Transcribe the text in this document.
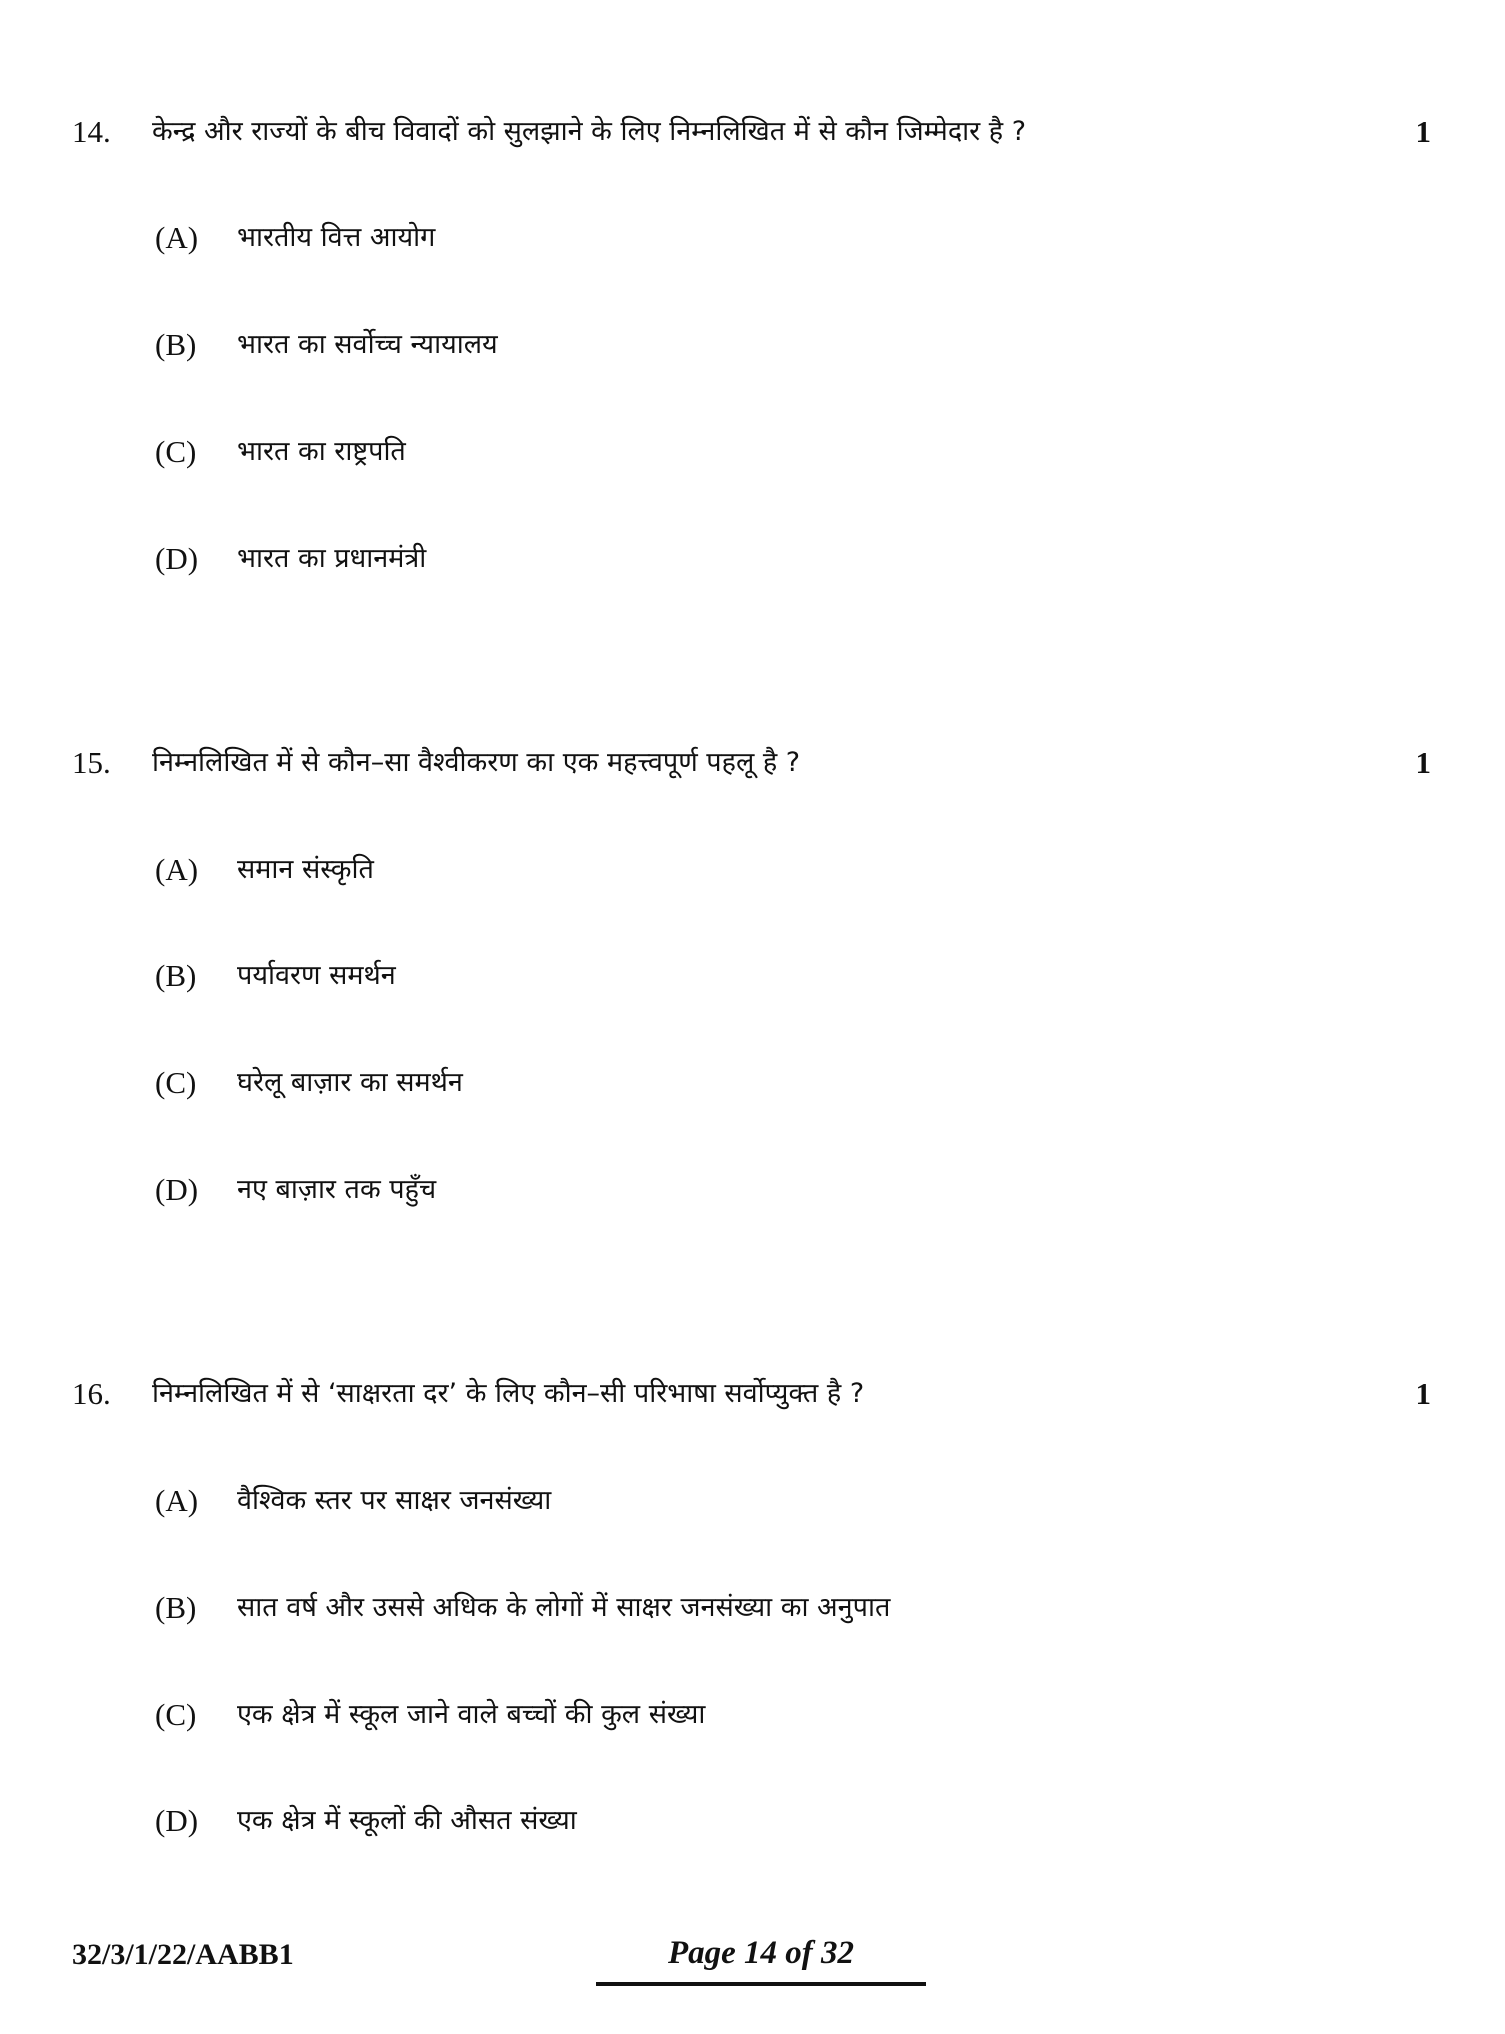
14. केन्द्र और राज्यों के बीच विवादों को सुलझाने के लिए निम्नलिखित में से कौन जिम्मेदार है ?	1
(A) भारतीय वित्त आयोग
(B) भारत का सर्वोच्च न्यायालय
(C) भारत का राष्ट्रपति
(D) भारत का प्रधानमंत्री
15. निम्नलिखित में से कौन–सा वैश्वीकरण का एक महत्त्वपूर्ण पहलू है ?	1
(A) समान संस्कृति
(B) पर्यावरण समर्थन
(C) घरेलू बाज़ार का समर्थन
(D) नए बाज़ार तक पहुँच
16. निम्नलिखित में से ‘साक्षरता दर’ के लिए कौन–सी परिभाषा सर्वोप्युक्त है ?	1
(A) वैश्विक स्तर पर साक्षर जनसंख्या
(B) सात वर्ष और उससे अधिक के लोगों में साक्षर जनसंख्या का अनुपात
(C) एक क्षेत्र में स्कूल जाने वाले बच्चों की कुल संख्या
(D) एक क्षेत्र में स्कूलों की औसत संख्या
32/3/1/22/AABB1	Page 14 of 32
